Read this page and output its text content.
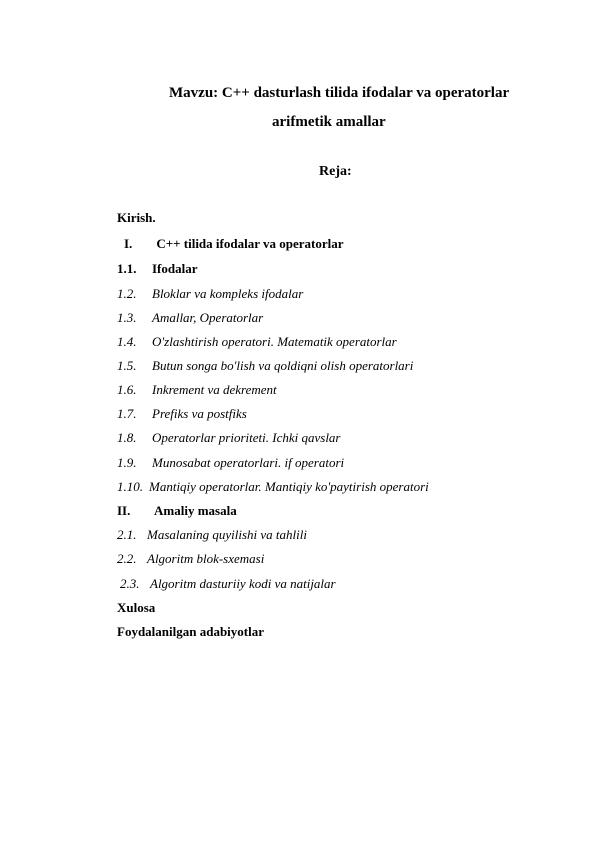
Mavzu: C++ dasturlash tilida ifodalar va operatorlar
arifmetik amallar
Reja:
Kirish.
I. C++ tilida ifodalar va operatorlar
1.1. Ifodalar
1.2. Bloklar va kompleks ifodalar
1.3. Amallar, Operatorlar
1.4. O'zlashtirish operatori. Matematik operatorlar
1.5. Butun songa bo'lish va qoldiqni olish operatorlari
1.6. Inkrement va dekrement
1.7. Prefiks va postfiks
1.8. Operatorlar prioriteti. Ichki qavslar
1.9. Munosabat operatorlari. if operatori
1.10. Mantiqiy operatorlar. Mantiqiy ko'paytirish operatori
II. Amaliy masala
2.1. Masalaning quyilishi va tahlili
2.2. Algoritm blok-sxemasi
2.3. Algoritm dasturiiy kodi va natijalar
Xulosa
Foydalanilgan adabiyotlar
